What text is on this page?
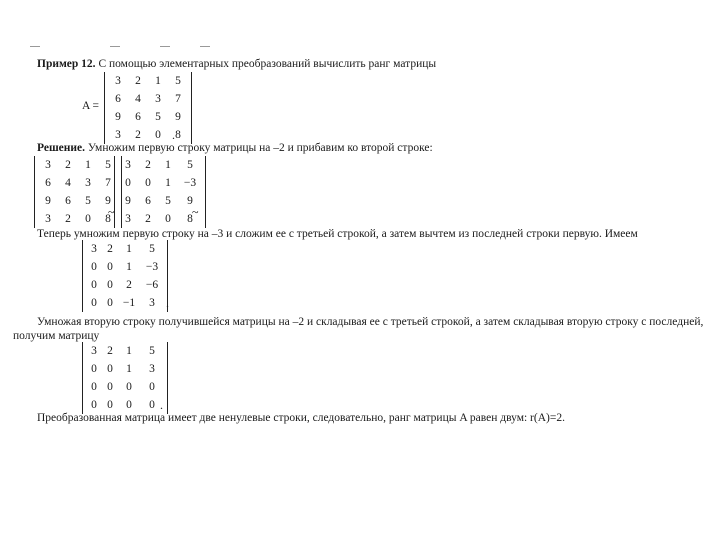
Пример 12. С помощью элементарных преобразований вычислить ранг матрицы
A =
3	2	1	5
6	4	3	7
9	6	5	9
3	2	0	8
.
Решение. Умножим первую строку матрицы на –2 и прибавим ко второй строке:
3	2	1	5
6	4	3	7
9	6	5	9
3	2	0	8
~
3	2	1	5
0	0	1	−3
9	6	5	9
3	2	0	8 ~
Теперь умножим первую строку на –3 и сложим ее с третьей строкой, а затем вычтем из последней строки первую. Имеем
3	2	1	5
0	0	1	−3
0	0	2	−6
0	0	−1	3 .
Умножая вторую строку получившейся матрицы на –2 и складывая ее с третьей строкой, а затем складывая вторую строку с последней,
получим матрицу
3	2	1	5
0	0	1	3
0	0	0	0
0	0	0	0 .
Преобразованная матрица имеет две ненулевые строки, следовательно, ранг матрицы A равен двум: r(A)=2.
